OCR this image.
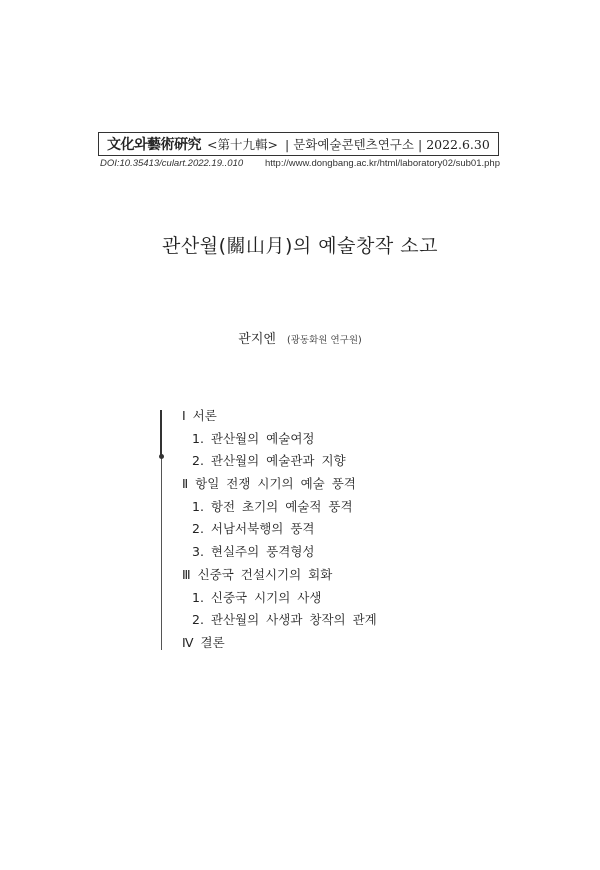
文化와藝術硏究 <第十九輯> | 문화예술콘텐츠연구소 | 2022.6.30
DOI:10.35413/culart.2022.19..010 http://www.dongbang.ac.kr/html/laboratory02/sub01.php
관산월(關山月)의 예술창작 소고
관지엔 (광동화원 연구원)
Ⅰ 서론
1. 관산월의 예술여정
2. 관산월의 예술관과 지향
Ⅱ 항일 전쟁 시기의 예술 풍격
1. 항전 초기의 예술적 풍격
2. 서남서북행의 풍격
3. 현실주의 풍격형성
Ⅲ 신중국 건설시기의 회화
1. 신중국 시기의 사생
2. 관산월의 사생과 창작의 관계
Ⅳ 결론
